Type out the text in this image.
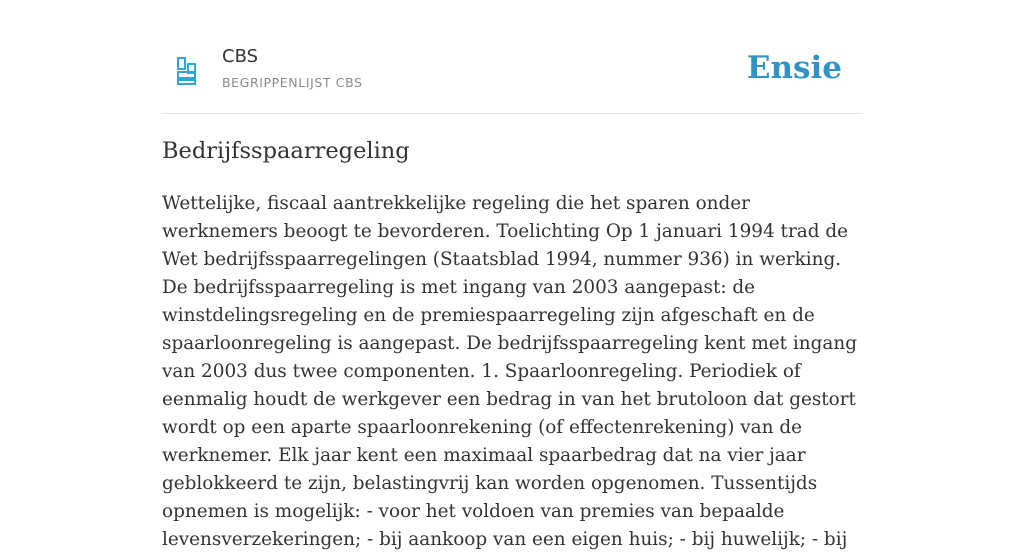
CBS
BEGRIPPENLIJST CBS	Ensie
Bedrijfsspaarregeling

Wettelijke, fiscaal aantrekkelijke regeling die het sparen onder werknemers beoogt te bevorderen. Toelichting Op 1 januari 1994 trad de Wet bedrijfsspaarregelingen (Staatsblad 1994, nummer 936) in werking. De bedrijfsspaarregeling is met ingang van 2003 aangepast: de winstdelingsregeling en de premiespaarregeling zijn afgeschaft en de spaarloonregeling is aangepast. De bedrijfsspaarregeling kent met ingang van 2003 dus twee componenten. 1. Spaarloonregeling. Periodiek of eenmalig houdt de werkgever een bedrag in van het brutoloon dat gestort wordt op een aparte spaarloonrekening (of effectenrekening) van de werknemer. Elk jaar kent een maximaal spaarbedrag dat na vier jaar geblokkeerd te zijn, belastingvrij kan worden opgenomen. Tussentijds opnemen is mogelijk: - voor het voldoen van premies van bepaalde levensverzekeringen; - bij aankoop van een eigen huis; - bij huwelijk; - bij
